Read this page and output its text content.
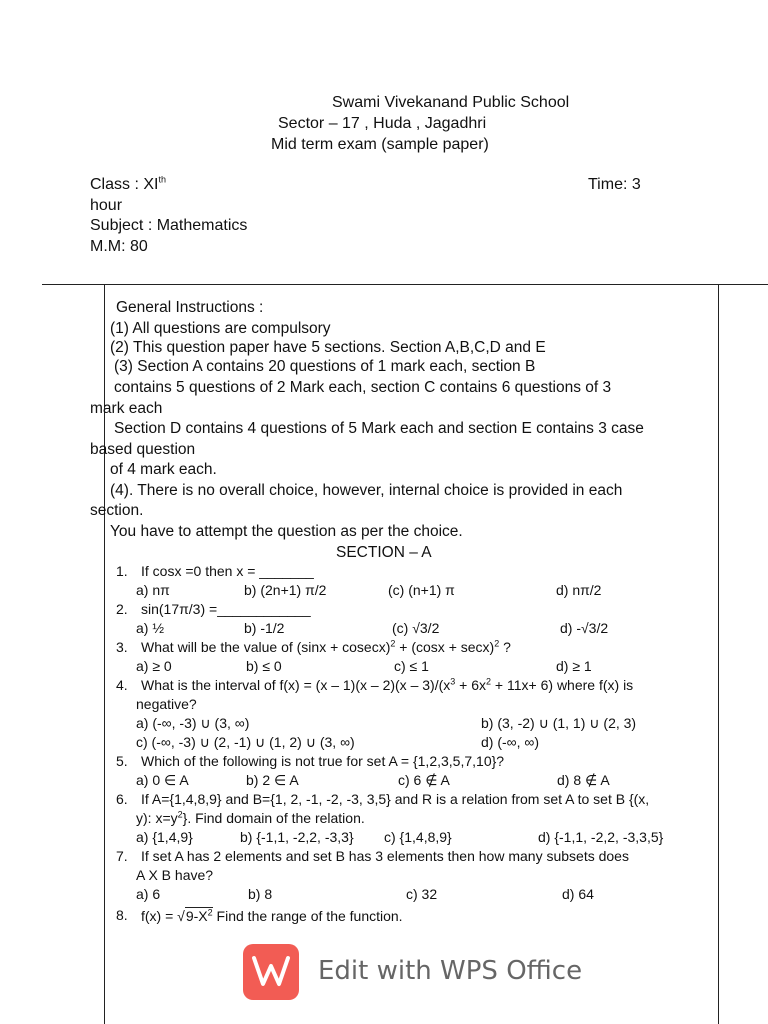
Swami Vivekanand Public School
Sector – 17 , Huda , Jagadhri
Mid term exam (sample paper)
Class : XIth	Time: 3
hour
Subject : Mathematics
M.M: 80
General Instructions :
(1) All questions are compulsory
(2) This question paper have 5 sections. Section A,B,C,D and E
(3) Section A contains 20 questions of 1 mark each, section B
contains 5 questions of 2 Mark each, section C contains 6 questions of 3
mark each
Section D contains 4 questions of 5 Mark each and section E contains 3 case
based question
of 4 mark each.
(4). There is no overall choice, however, internal choice is provided in each
section.
You have to attempt the question as per the choice.
SECTION – A
1. If cosx =0 then x = _______
a) nπ	b) (2n+1) π/2	(c) (n+1) π	d) nπ/2
2. sin(17π/3) =____________
a) ½	b) -1/2	(c) √3/2	d) -√3/2
3. What will be the value of $(\sin x + cosecx)^2 + (\cos x + \sec x)^2$ ?
a) ≥ 0	b) ≤ 0	c) ≤ 1	d) ≥ 1
4. What is the interval of $f(x) = (x - 1)(x - 2)(x - 3)/(x^3 + 6x^2 + 11x+ 6)$ where f(x) is
negative?
a) (-∞, -3) ∪ (3, ∞)	b) (3, -2) ∪ (1, 1) ∪ (2, 3)
c) (-∞, -3) ∪ (2, -1) ∪ (1, 2) ∪ (3, ∞)	d) (-∞, ∞)
5. Which of the following is not true for set A = {1,2,3,5,7,10}?
a) 0 ∈ A	b) 2 ∈ A	c) 6 ∉ A	d) 8 ∉ A
6. If A={1,4,8,9} and B={1, 2, -1, -2, -3, 3,5} and R is a relation from set A to set B {(x,
y): $x=y^2$}. Find domain of the relation.
a) {1,4,9}	b) {-1,1, -2,2, -3,3} c) {1,4,8,9}	d) {-1,1, -2,2, -3,3,5}
7. If set A has 2 elements and set B has 3 elements then how many subsets does
A X B have?
a) 6	b) 8	c) 32	d) 64
8. $f(x) = √9-X^2$ Find the range of the function.
Edit with WPS Office
